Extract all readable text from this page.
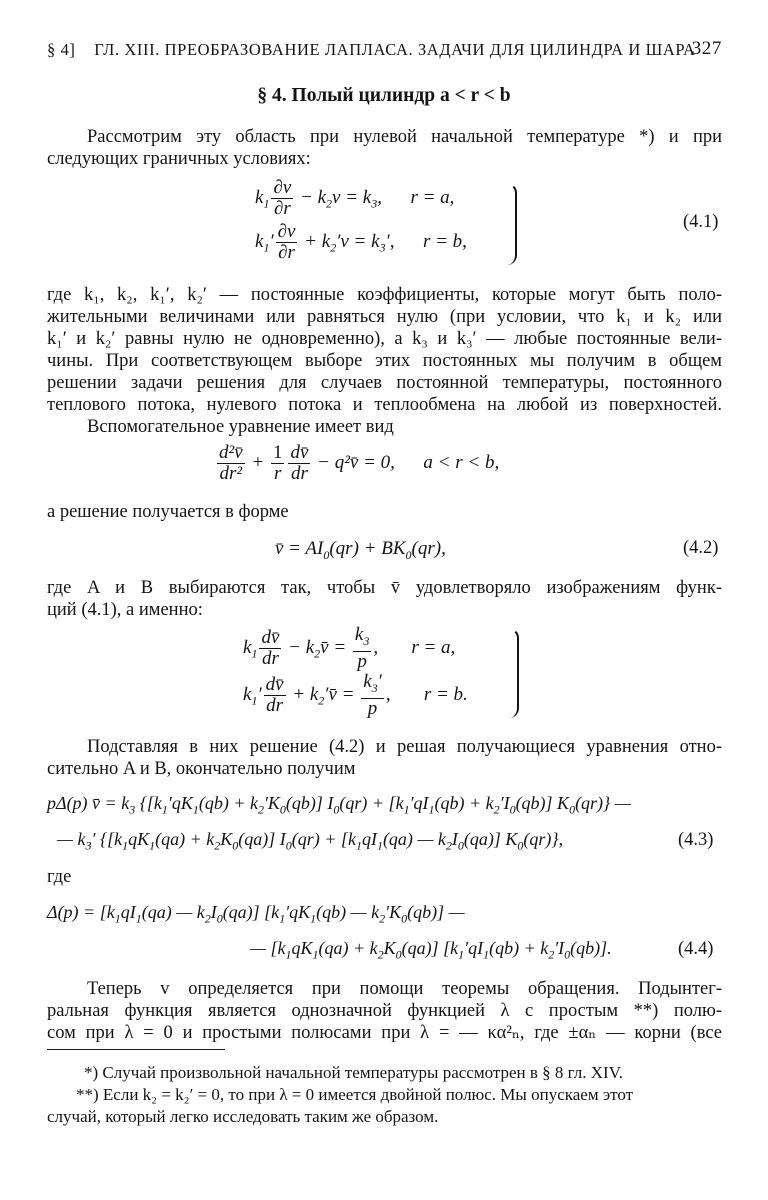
§ 4] ГЛ. XIII. ПРЕОБРАЗОВАНИЕ ЛАПЛАСА. ЗАДАЧИ ДЛЯ ЦИЛИНДРА И ШАРА
327
§ 4. Полый цилиндр a < r < b
Рассмотрим эту область при нулевой начальной температуре *) и при
следующих граничных условиях:
$k_1 \frac{\partial v}{\partial r} - k_2v = k_3$,      r = a,
$k_1' \frac{\partial v}{\partial r} + k_2'v = k_3'$,      r = b,
(4.1)
где k₁, k₂, k₁′, k₂′ — постоянные коэффициенты, которые могут быть поло-
жительными величинами или равняться нулю (при условии, что k₁ и k₂ или
k₁′ и k₂′ равны нулю не одновременно), а k₃ и k₃′ — любые постоянные вели-
чины. При соответствующем выборе этих постоянных мы получим в общем
решении задачи решения для случаев постоянной температуры, постоянного
теплового потока, нулевого потока и теплообмена на любой из поверхностей.
Вспомогательное уравнение имеет вид
$\frac{\text{d²v̄}}{\text{dr²}} + \frac{1}{r} \frac{dv̄}{dr}$ − q²v̄ = 0,      a < r < b,
а решение получается в форме
v̄ = $AI_0(qr) + BK_0(qr)$,	(4.2)
где A и B выбираются так, чтобы v̄ удовлетворяло изображениям функ-
ций (4.1), а именно:
$k_1 \frac{dv̄}{dr}$ − $k_2v̄ = \frac{k_3}{p}$ ,       r = a,
$k_1' \frac{dv̄}{dr}$ + $k_2'v̄ = \frac{k_3'}{p}$ ,       r = b.
Подставляя в них решение (4.2) и решая получающиеся уравнения отно-
сительно A и B, окончательно получим
pΔ(p) v̄ = $k_3$ {$[k_1'qK_1(qb) + k_2'K_0(qb)] I_0(qr) + [k_1'qI_1(qb) + k_2'I_0(qb)]$ $K_0(qr)$} —
— $k_3'$ {$[k_1qK_1(qa) + k_2K_0(qa)] I_0(qr) + [k_1qI_1(qa)$ — $k_2I_0(qa)$] $K_0(qr)$},	(4.3)
где
$\Delta(p) = [k_1qI_1(qa)$ — $k_2I_0(qa)$] [$k_1'qK_1(qb)$ — $k_2'K_0(qb)$] —
— $[k_1qK_1(qa) + k_2K_0(qa)] [k_1'qI_1(qb) + k_2'I_0(qb)]$.	(4.4)
Теперь v определяется при помощи теоремы обращения. Подынтег-
ральная функция является однозначной функцией λ с простым **) полю-
сом при λ = 0 и простыми полюсами при λ = — κα²ₙ, где ±αₙ — корни (все
*) Случай произвольной начальной температуры рассмотрен в § 8 гл. XIV.
**) Если k₂ = k₂′ = 0, то при λ = 0 имеется двойной полюс. Мы опускаем этот
случай, который легко исследовать таким же образом.
